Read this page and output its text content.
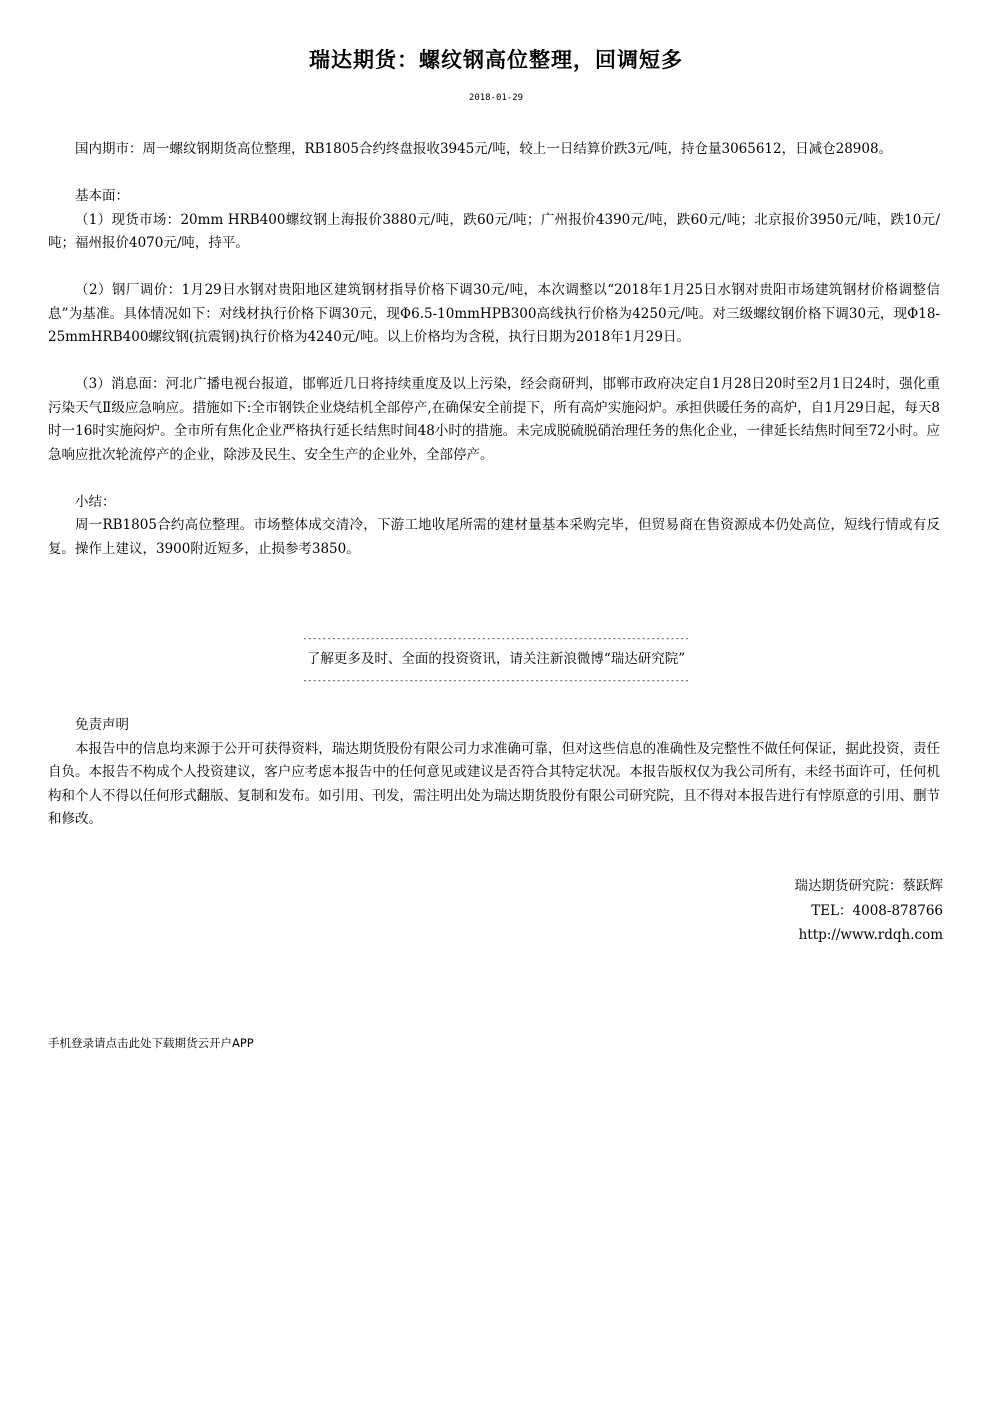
瑞达期货：螺纹钢高位整理，回调短多
2018-01-29

国内期市：周一螺纹钢期货高位整理，RB1805合约终盘报收3945元/吨，较上一日结算价跌3元/吨，持仓量3065612，日减仓28908。

基本面：

（1）现货市场：20mm HRB400螺纹钢上海报价3880元/吨，跌60元/吨；广州报价4390元/吨，跌60元/吨；北京报价3950元/吨，跌10元/吨；福州报价4070元/吨，持平。

（2）钢厂调价：1月29日水钢对贵阳地区建筑钢材指导价格下调30元/吨，本次调整以“2018年1月25日水钢对贵阳市场建筑钢材价格调整信息”为基准。具体情况如下：对线材执行价格下调30元，现Φ6.5-10mmHPB300高线执行价格为4250元/吨。对三级螺纹钢价格下调30元，现Φ18-25mmHRB400螺纹钢(抗震钢)执行价格为4240元/吨。以上价格均为含税，执行日期为2018年1月29日。

（3）消息面：河北广播电视台报道，邯郸近几日将持续重度及以上污染，经会商研判，邯郸市政府决定自1月28日20时至2月1日24时，强化重污染天气Ⅱ级应急响应。措施如下:全市钢铁企业烧结机全部停产,在确保安全前提下，所有高炉实施闷炉。承担供暖任务的高炉，自1月29日起，每天8时一16时实施闷炉。全市所有焦化企业严格执行延长结焦时间48小时的措施。未完成脱硫脱硝治理任务的焦化企业，一律延长结焦时间至72小时。应急响应批次轮流停产的企业，除涉及民生、安全生产的企业外，全部停产。

小结：

周一RB1805合约高位整理。市场整体成交清冷，下游工地收尾所需的建材量基本采购完毕，但贸易商在售资源成本仍处高位，短线行情或有反复。操作上建议，3900附近短多，止损参考3850。

--------------------------------------------------------------------------------
了解更多及时、全面的投资资讯，请关注新浪微博“瑞达研究院”
--------------------------------------------------------------------------------

免责声明

本报告中的信息均来源于公开可获得资料，瑞达期货股份有限公司力求准确可靠，但对这些信息的准确性及完整性不做任何保证，据此投资，责任自负。本报告不构成个人投资建议，客户应考虑本报告中的任何意见或建议是否符合其特定状况。本报告版权仅为我公司所有，未经书面许可，任何机构和个人不得以任何形式翻版、复制和发布。如引用、刊发，需注明出处为瑞达期货股份有限公司研究院，且不得对本报告进行有悖原意的引用、删节和修改。

瑞达期货研究院：蔡跃辉
TEL：4008-878766
http://www.rdqh.com
手机登录请点击此处下载期货云开户APP
